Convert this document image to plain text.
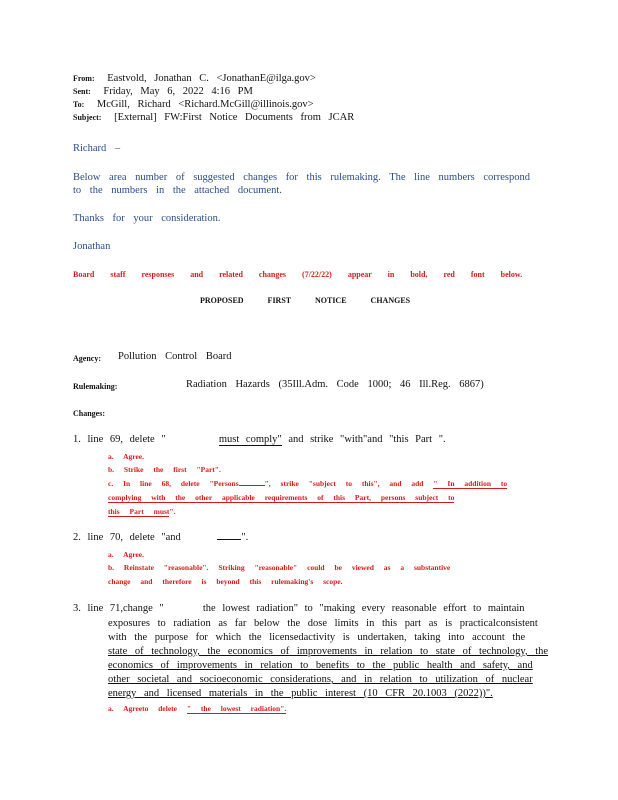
From: Eastvold, Jonathan C. <JonathanE@ilga.gov>
Sent: Friday, May 6, 2022 4:16 PM
To: McGill, Richard <Richard.McGill@illinois.gov>
Subject: [External] FW:First Notice Documents from JCAR
Richard –
Below area number of suggested changes for this rulemaking. The line numbers correspond to the numbers in the attached document.
Thanks for your consideration.
Jonathan
Board staff responses and related changes (7/22/22) appear in bold, red font below.
PROPOSED FIRST NOTICE CHANGES
Agency: Pollution Control Board
Rulemaking:	Radiation Hazards (35Ill.Adm. Code 1000; 46 Ill.Reg. 6867)
Changes:
1. line 69, delete "	must comply" and strike "with"and "this Part ".
a. Agree.
b. Strike the first "Part".
c. In line 68, delete "Persons	", strike "subject to this", and add " In addition to
complying with the other applicable requirements of this Part, persons subject to
this Part must".
2. line 70, delete "and	".
a. Agree.
b. Reinstate "reasonable". Striking "reasonable" could be viewed as a substantive
change and therefore is beyond this rulemaking's scope.
3. line 71,change "	the lowest radiation" to "making every reasonable effort to maintain
exposures to radiation as far below the dose limits in this part as is practicalconsistent
with the purpose for which the licensedactivity is undertaken, taking into account the
state of technology, the economics of improvements in relation to state of technology, the
economics of improvements in relation to benefits to the public health and safety, and
other societal and socioeconomic considerations, and in relation to utilization of nuclear
energy and licensed materials in the public interest (10 CFR 20.1003 (2022))".
a. Agreeto delete " the lowest radiation".
